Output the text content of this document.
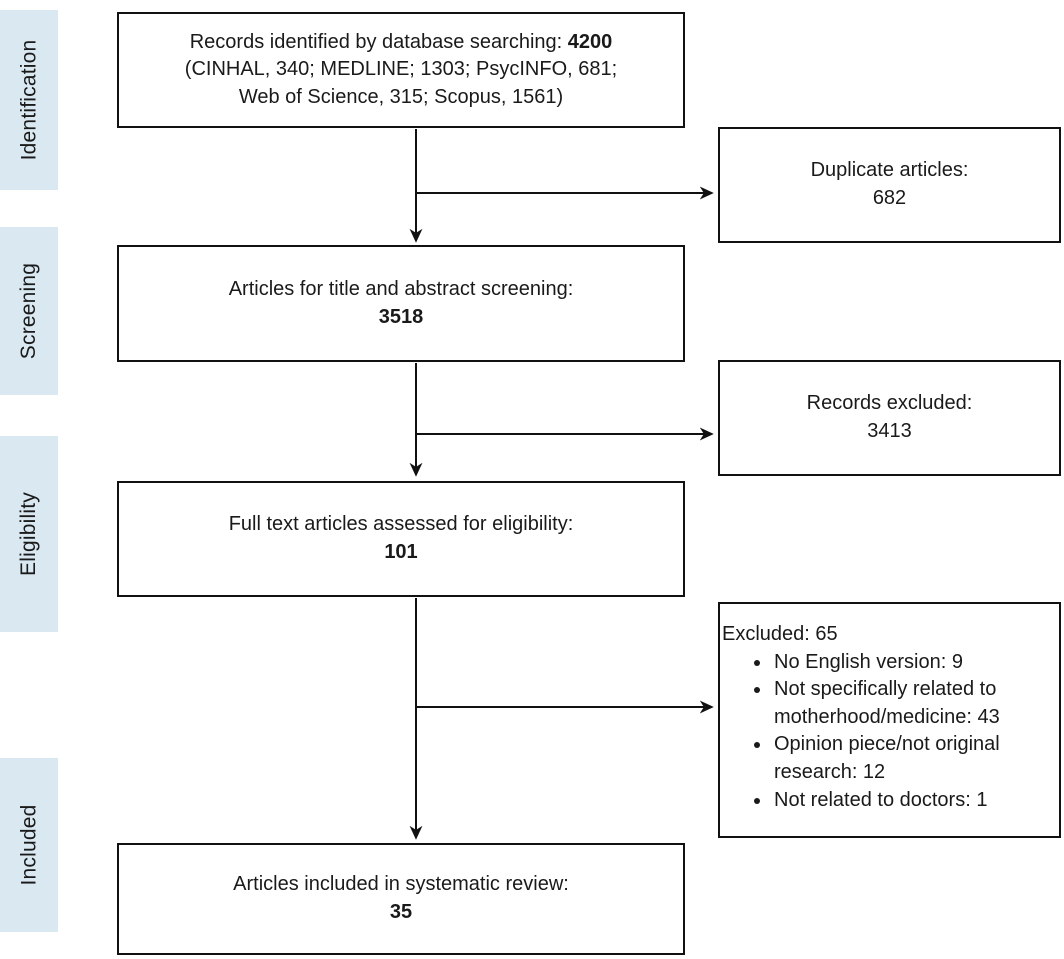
Identification
Screening
Eligibility
Included
Records identified by database searching: 4200
(CINHAL, 340; MEDLINE; 1303; PsycINFO, 681;
Web of Science, 315; Scopus, 1561)
Articles for title and abstract screening:
3518
Full text articles assessed for eligibility:
101
Articles included in systematic review:
35
Duplicate articles:
682
Records excluded:
3413
Excluded: 65
• No English version: 9
• Not specifically related to motherhood/medicine: 43
• Opinion piece/not original research: 12
• Not related to doctors: 1
